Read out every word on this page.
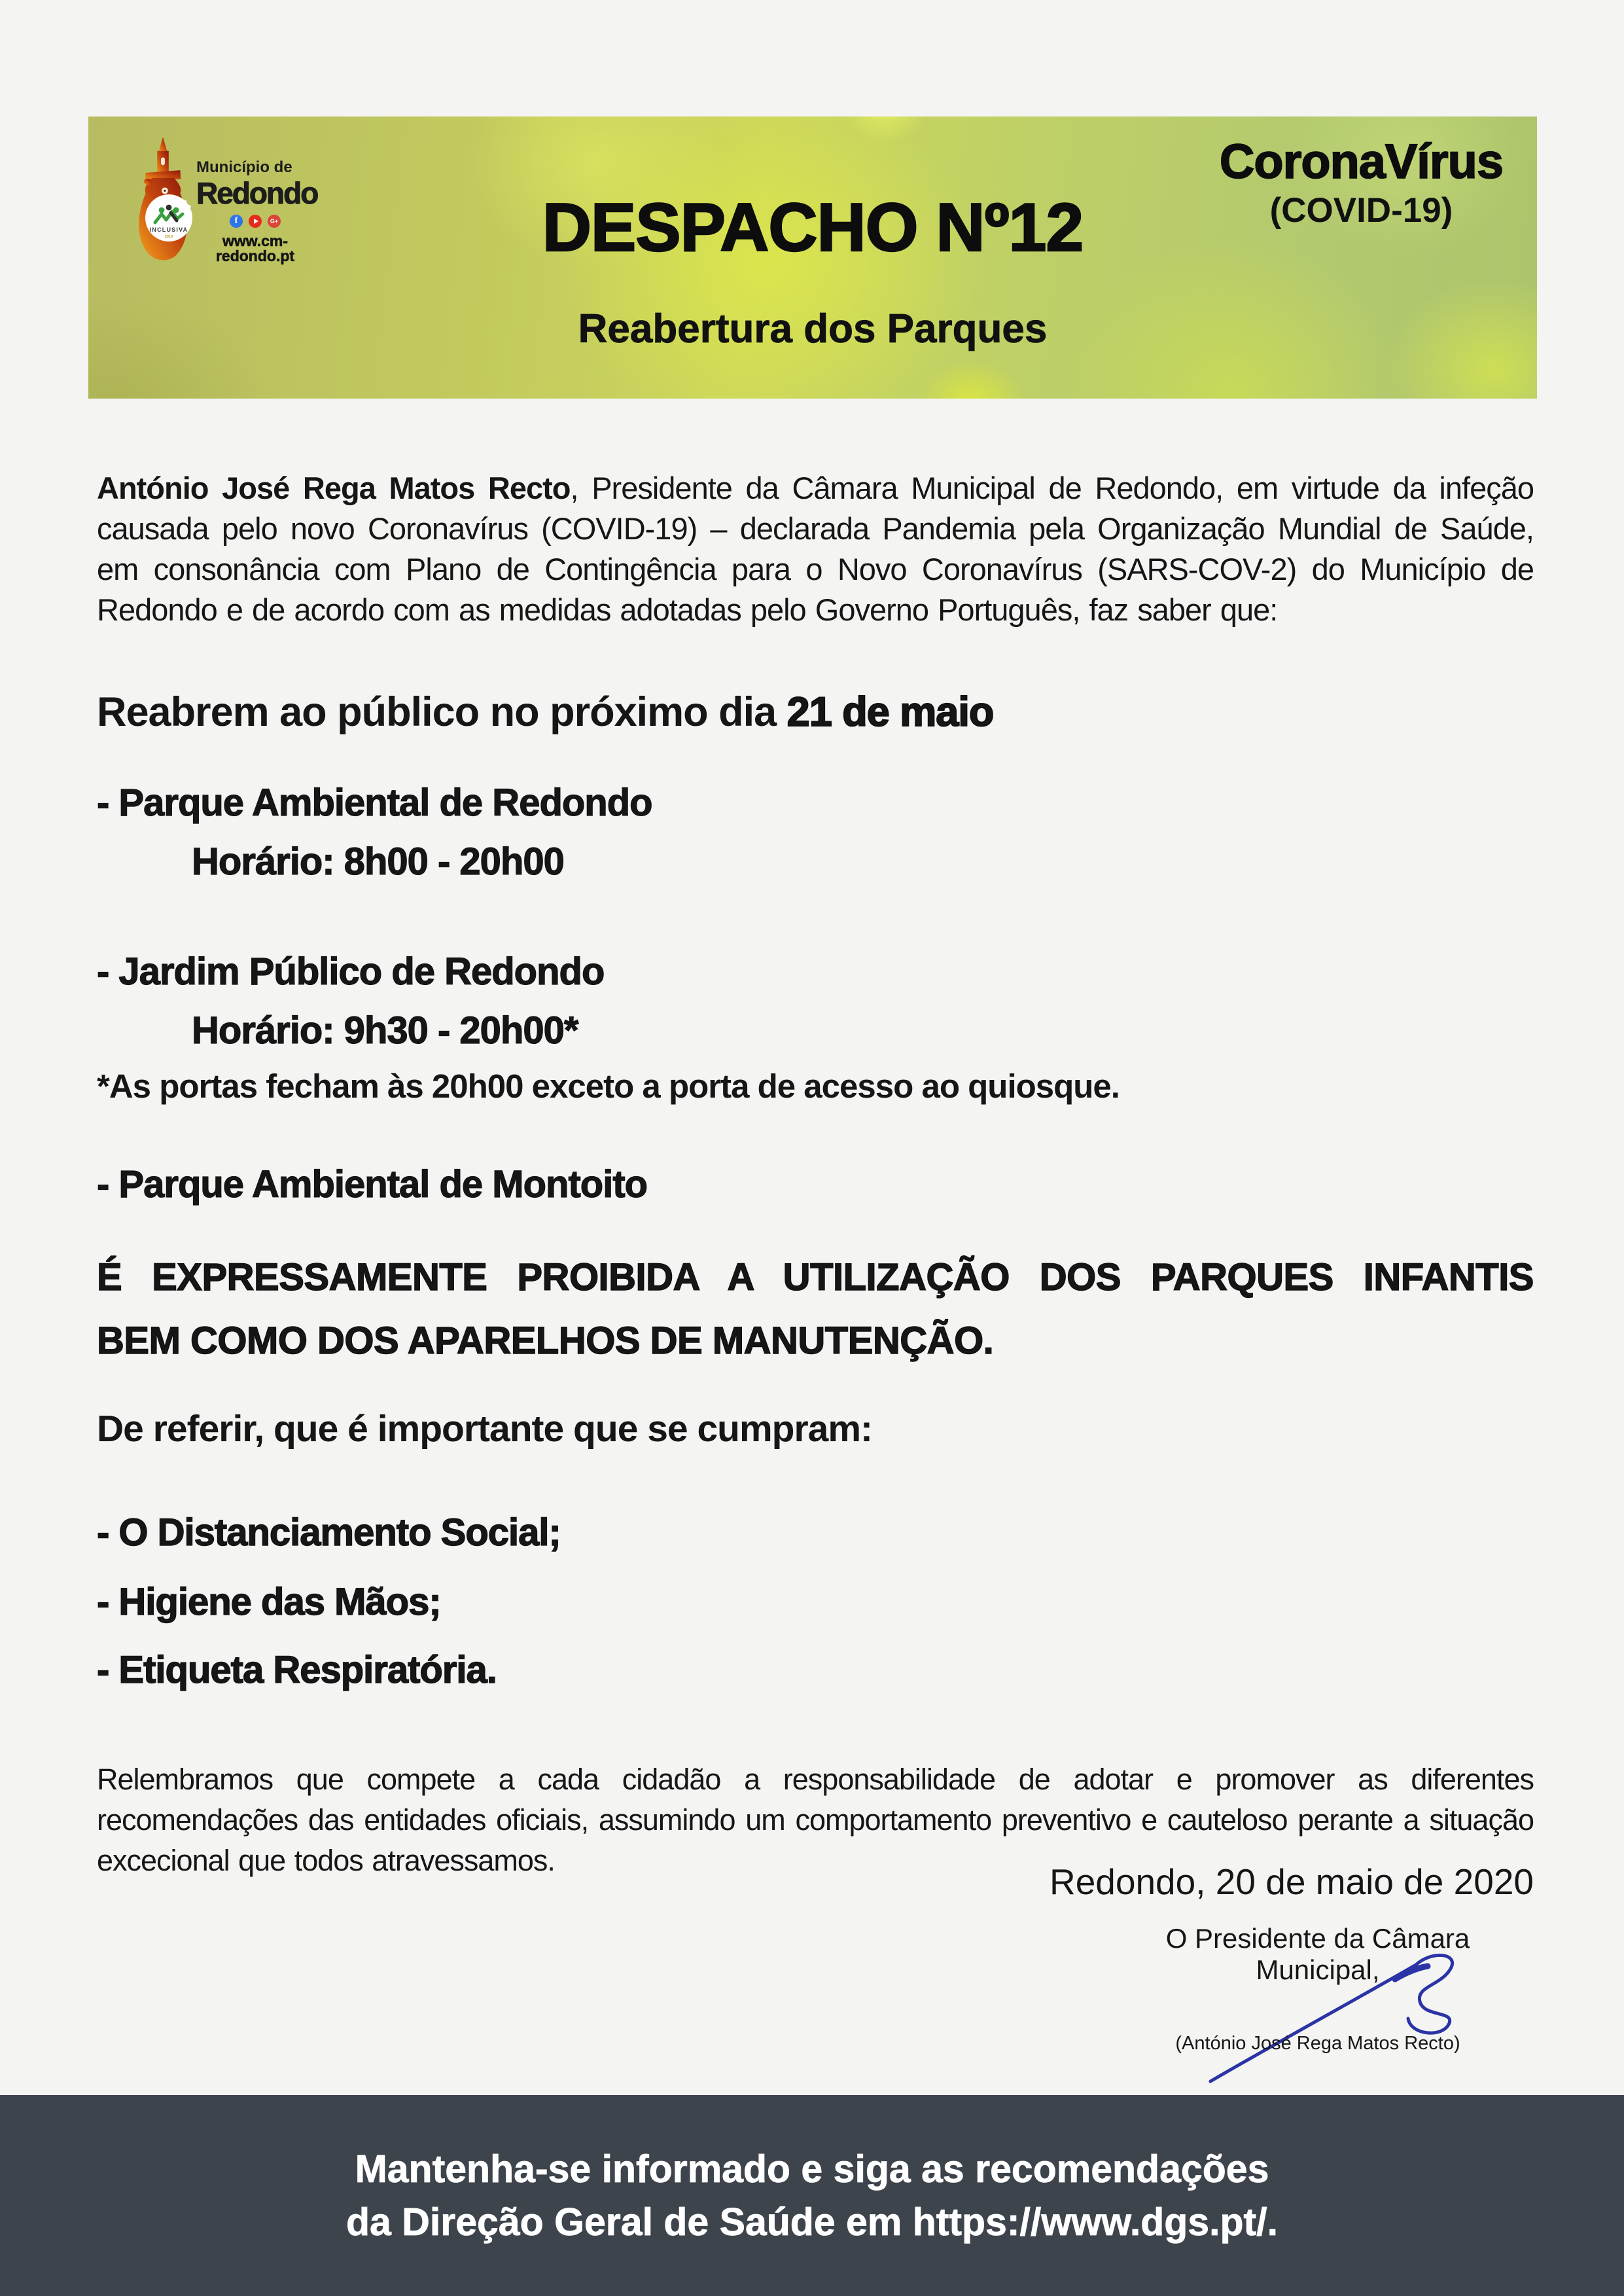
INCLUSIVA
2019
Município de
Redondo
f	G+
www.cm-redondo.pt	DESPACHO Nº12
Reabertura dos Parques
CoronaVírus
(COVID-19)

António José Rega Matos Recto, Presidente da Câmara Municipal de Redondo, em virtude da infeção causada pelo novo Coronavírus (COVID-19) – declarada Pandemia pela Organização Mundial de Saúde, em consonância com Plano de Contingência para o Novo Coronavírus (SARS-COV-2) do Município de Redondo e de acordo com as medidas adotadas pelo Governo Português, faz saber que:

Reabrem ao público no próximo dia 21 de maio
- Parque Ambiental de Redondo
Horário: 8h00 - 20h00
- Jardim Público de Redondo
Horário: 9h30 - 20h00*
*As portas fecham às 20h00 exceto a porta de acesso ao quiosque.
- Parque Ambiental de Montoito
É EXPRESSAMENTE PROIBIDA A UTILIZAÇÃO DOS PARQUES INFANTIS
BEM COMO DOS APARELHOS DE MANUTENÇÃO.
De referir, que é importante que se cumpram:
- O Distanciamento Social;
- Higiene das Mãos;
- Etiqueta Respiratória.

Relembramos que compete a cada cidadão a responsabilidade de adotar e promover as diferentes recomendações das entidades oficiais, assumindo um comportamento preventivo e cauteloso perante a situação excecional que todos atravessamos.

Redondo, 20 de maio de 2020
O Presidente da Câmara Municipal,
(António José Rega Matos Recto)
Mantenha-se informado e siga as recomendações
da Direção Geral de Saúde em https://www.dgs.pt/.
